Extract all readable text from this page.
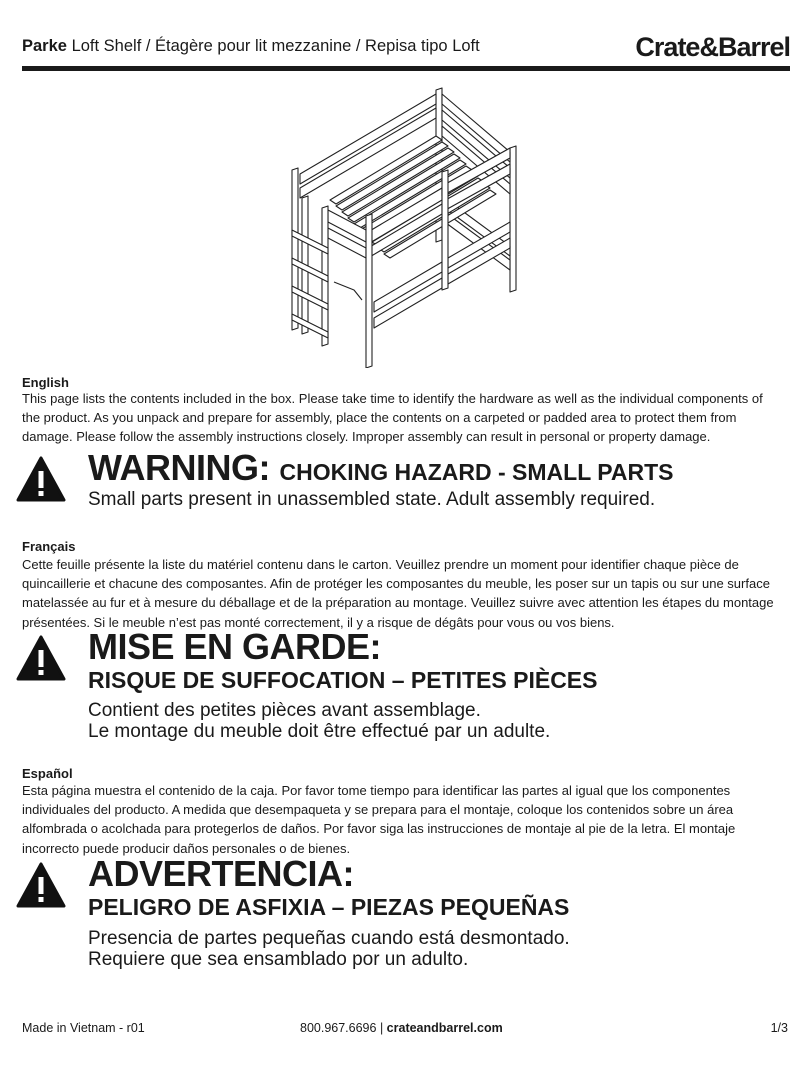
Parke Loft Shelf / Étagère pour lit mezzanine / Repisa tipo Loft	Crate&Barrel
English
This page lists the contents included in the box. Please take time to identify the hardware as well as the individual components of the product. As you unpack and prepare for assembly, place the contents on a carpeted or padded area to protect them from damage. Please follow the assembly instructions closely. Improper assembly can result in personal or property damage.
WARNING: CHOKING HAZARD - SMALL PARTS
Small parts present in unassembled state. Adult assembly required.
Français
Cette feuille présente la liste du matériel contenu dans le carton. Veuillez prendre un moment pour identifier chaque pièce de quincaillerie et chacune des composantes. Afin de protéger les composantes du meuble, les poser sur un tapis ou sur une surface matelassée au fur et à mesure du déballage et de la préparation au montage. Veuillez suivre avec attention les étapes du montage présentées. Si le meuble n’est pas monté correctement, il y a risque de dégâts pour vous ou vos biens.
MISE EN GARDE:
RISQUE DE SUFFOCATION – PETITES PIÈCES
Contient des petites pièces avant assemblage.
Le montage du meuble doit être effectué par un adulte.
Español
Esta página muestra el contenido de la caja. Por favor tome tiempo para identificar las partes al igual que los componentes individuales del producto. A medida que desempaqueta y se prepara para el montaje, coloque los contenidos sobre un área alfombrada o acolchada para protegerlos de daños. Por favor siga las instrucciones de montaje al pie de la letra. El montaje incorrecto puede producir daños personales o de bienes.
ADVERTENCIA:
PELIGRO DE ASFIXIA – PIEZAS PEQUEÑAS
Presencia de partes pequeñas cuando está desmontado.
Requiere que sea ensamblado por un adulto.
Made in Vietnam - r01	800.967.6696 | crateandbarrel.com	1/3
